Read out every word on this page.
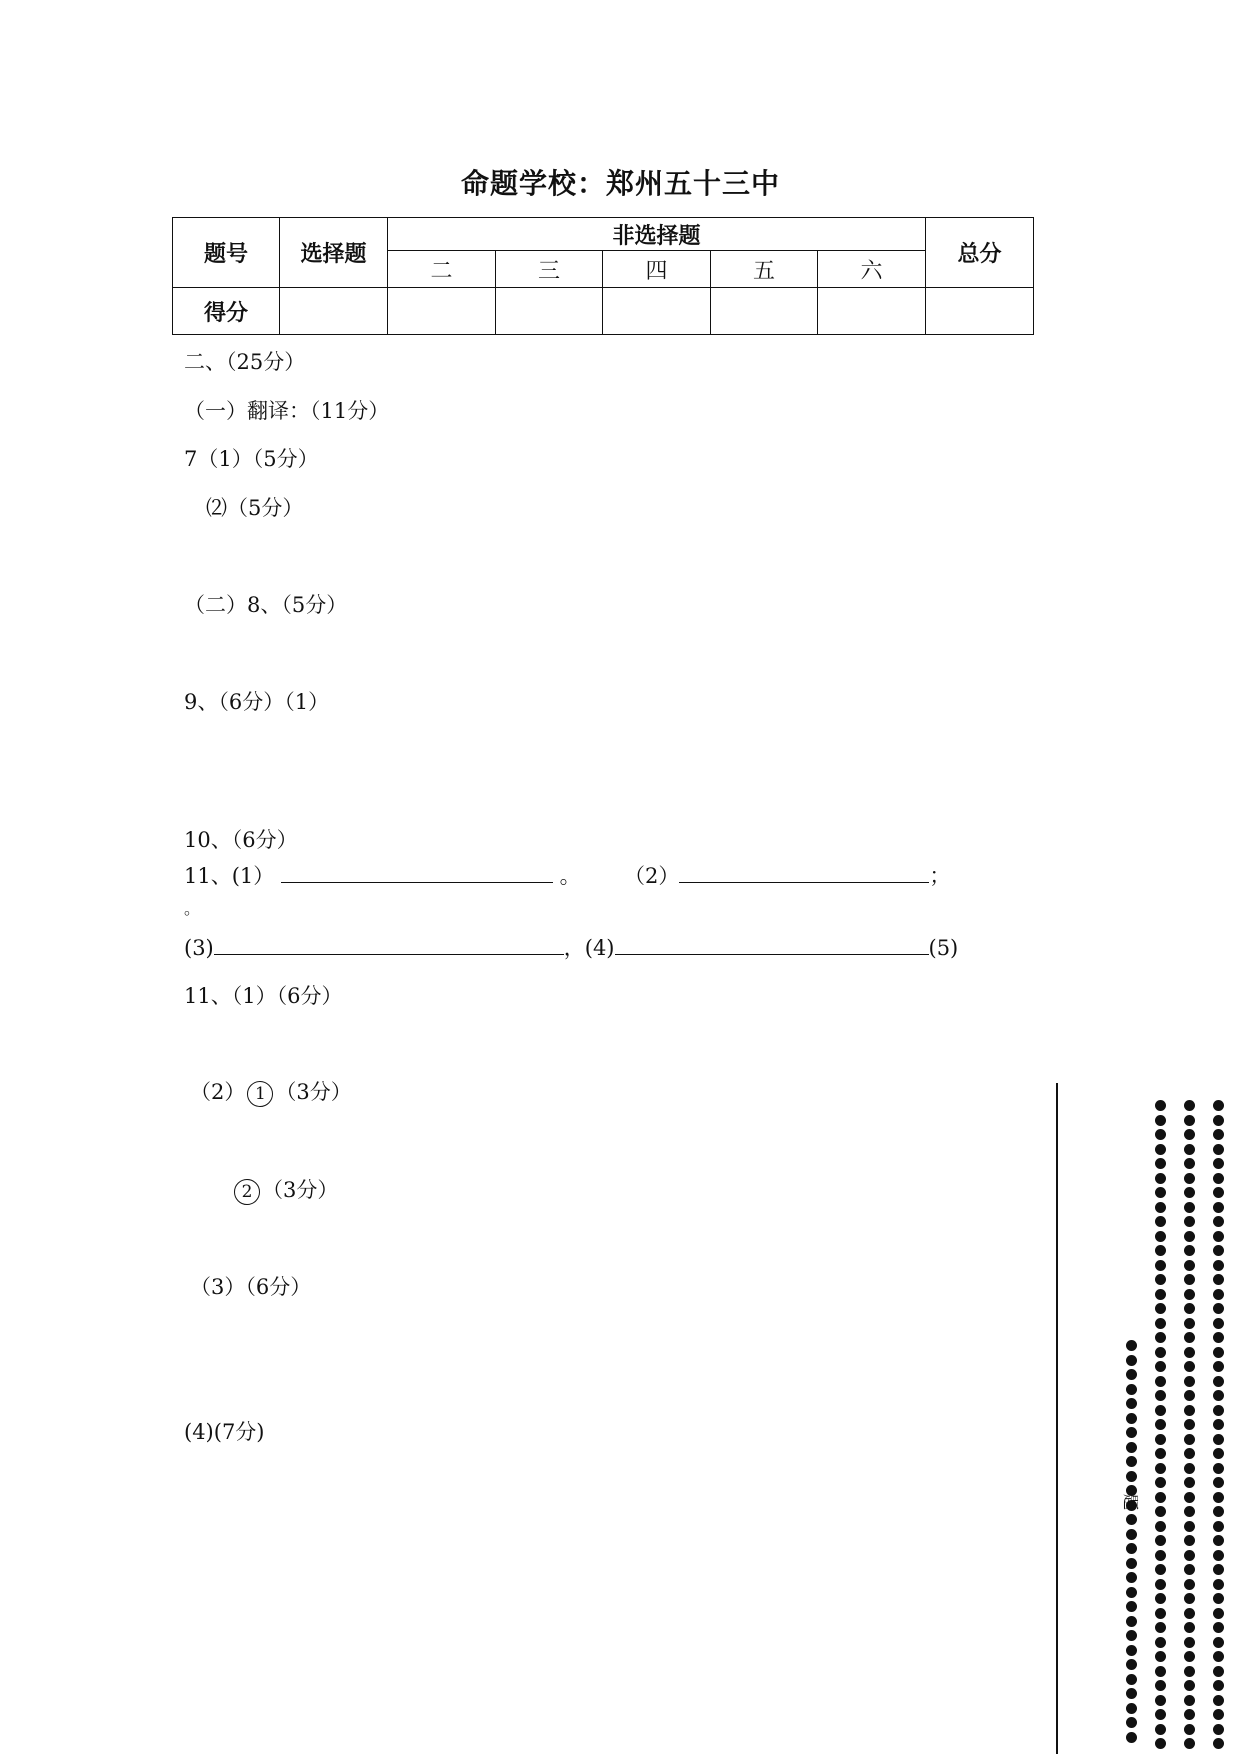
命题学校：郑州五十三中
题号	选择题	非选择题					总分
		二	三	四	五	六	
得分							
二、（25分）
（一）翻译：（11分）
7（1）（5分）
⑵（5分）
（二）8、（5分）
9、（6分）（1）
10、（6分）
11、(1）	。 （2）	；
。
(3)	，(4)	(5)
11、（1）（6分）
（2） 1 （3分）
2 （3分）
（3）（6分）
(4)(7分)
题
